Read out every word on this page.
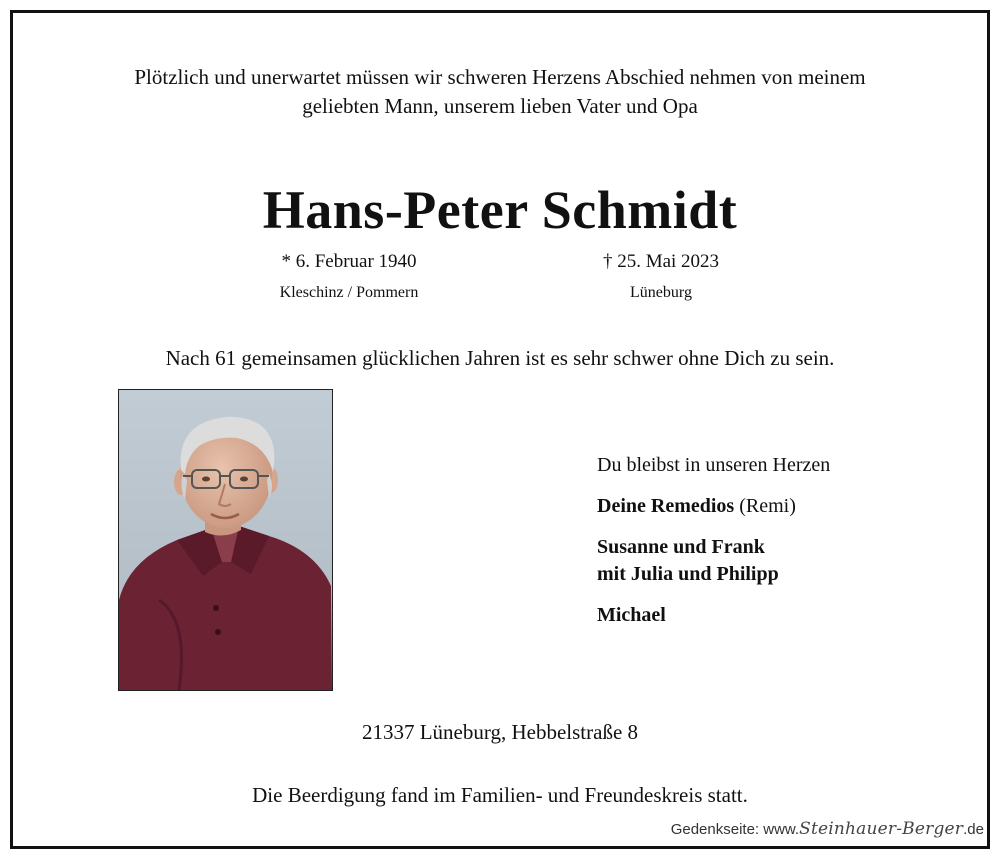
Plötzlich und unerwartet müssen wir schweren Herzens Abschied nehmen von meinem
geliebten Mann, unserem lieben Vater und Opa
Hans-Peter Schmidt
* 6. Februar 1940
Kleschinz / Pommern
† 25. Mai 2023
Lüneburg
Nach 61 gemeinsamen glücklichen Jahren ist es sehr schwer ohne Dich zu sein.
Du bleibst in unseren Herzen
Deine Remedios (Remi)
Susanne und Frank
mit Julia und Philipp
Michael
21337 Lüneburg, Hebbelstraße 8
Die Beerdigung fand im Familien- und Freundeskreis statt.
Gedenkseite: www.Steinhauer-Berger.de
